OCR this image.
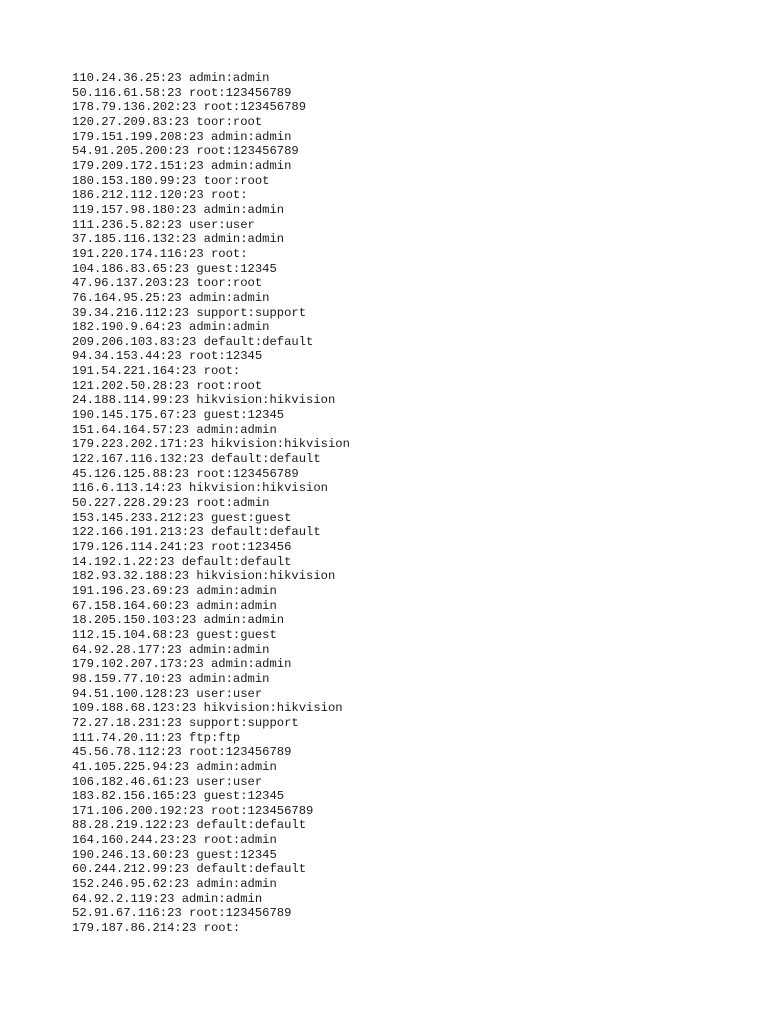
110.24.36.25:23 admin:admin
50.116.61.58:23 root:123456789
178.79.136.202:23 root:123456789
120.27.209.83:23 toor:root
179.151.199.208:23 admin:admin
54.91.205.200:23 root:123456789
179.209.172.151:23 admin:admin
180.153.180.99:23 toor:root
186.212.112.120:23 root:
119.157.98.180:23 admin:admin
111.236.5.82:23 user:user
37.185.116.132:23 admin:admin
191.220.174.116:23 root:
104.186.83.65:23 guest:12345
47.96.137.203:23 toor:root
76.164.95.25:23 admin:admin
39.34.216.112:23 support:support
182.190.9.64:23 admin:admin
209.206.103.83:23 default:default
94.34.153.44:23 root:12345
191.54.221.164:23 root:
121.202.50.28:23 root:root
24.188.114.99:23 hikvision:hikvision
190.145.175.67:23 guest:12345
151.64.164.57:23 admin:admin
179.223.202.171:23 hikvision:hikvision
122.167.116.132:23 default:default
45.126.125.88:23 root:123456789
116.6.113.14:23 hikvision:hikvision
50.227.228.29:23 root:admin
153.145.233.212:23 guest:guest
122.166.191.213:23 default:default
179.126.114.241:23 root:123456
14.192.1.22:23 default:default
182.93.32.188:23 hikvision:hikvision
191.196.23.69:23 admin:admin
67.158.164.60:23 admin:admin
18.205.150.103:23 admin:admin
112.15.104.68:23 guest:guest
64.92.28.177:23 admin:admin
179.102.207.173:23 admin:admin
98.159.77.10:23 admin:admin
94.51.100.128:23 user:user
109.188.68.123:23 hikvision:hikvision
72.27.18.231:23 support:support
111.74.20.11:23 ftp:ftp
45.56.78.112:23 root:123456789
41.105.225.94:23 admin:admin
106.182.46.61:23 user:user
183.82.156.165:23 guest:12345
171.106.200.192:23 root:123456789
88.28.219.122:23 default:default
164.160.244.23:23 root:admin
190.246.13.60:23 guest:12345
60.244.212.99:23 default:default
152.246.95.62:23 admin:admin
64.92.2.119:23 admin:admin
52.91.67.116:23 root:123456789
179.187.86.214:23 root:
